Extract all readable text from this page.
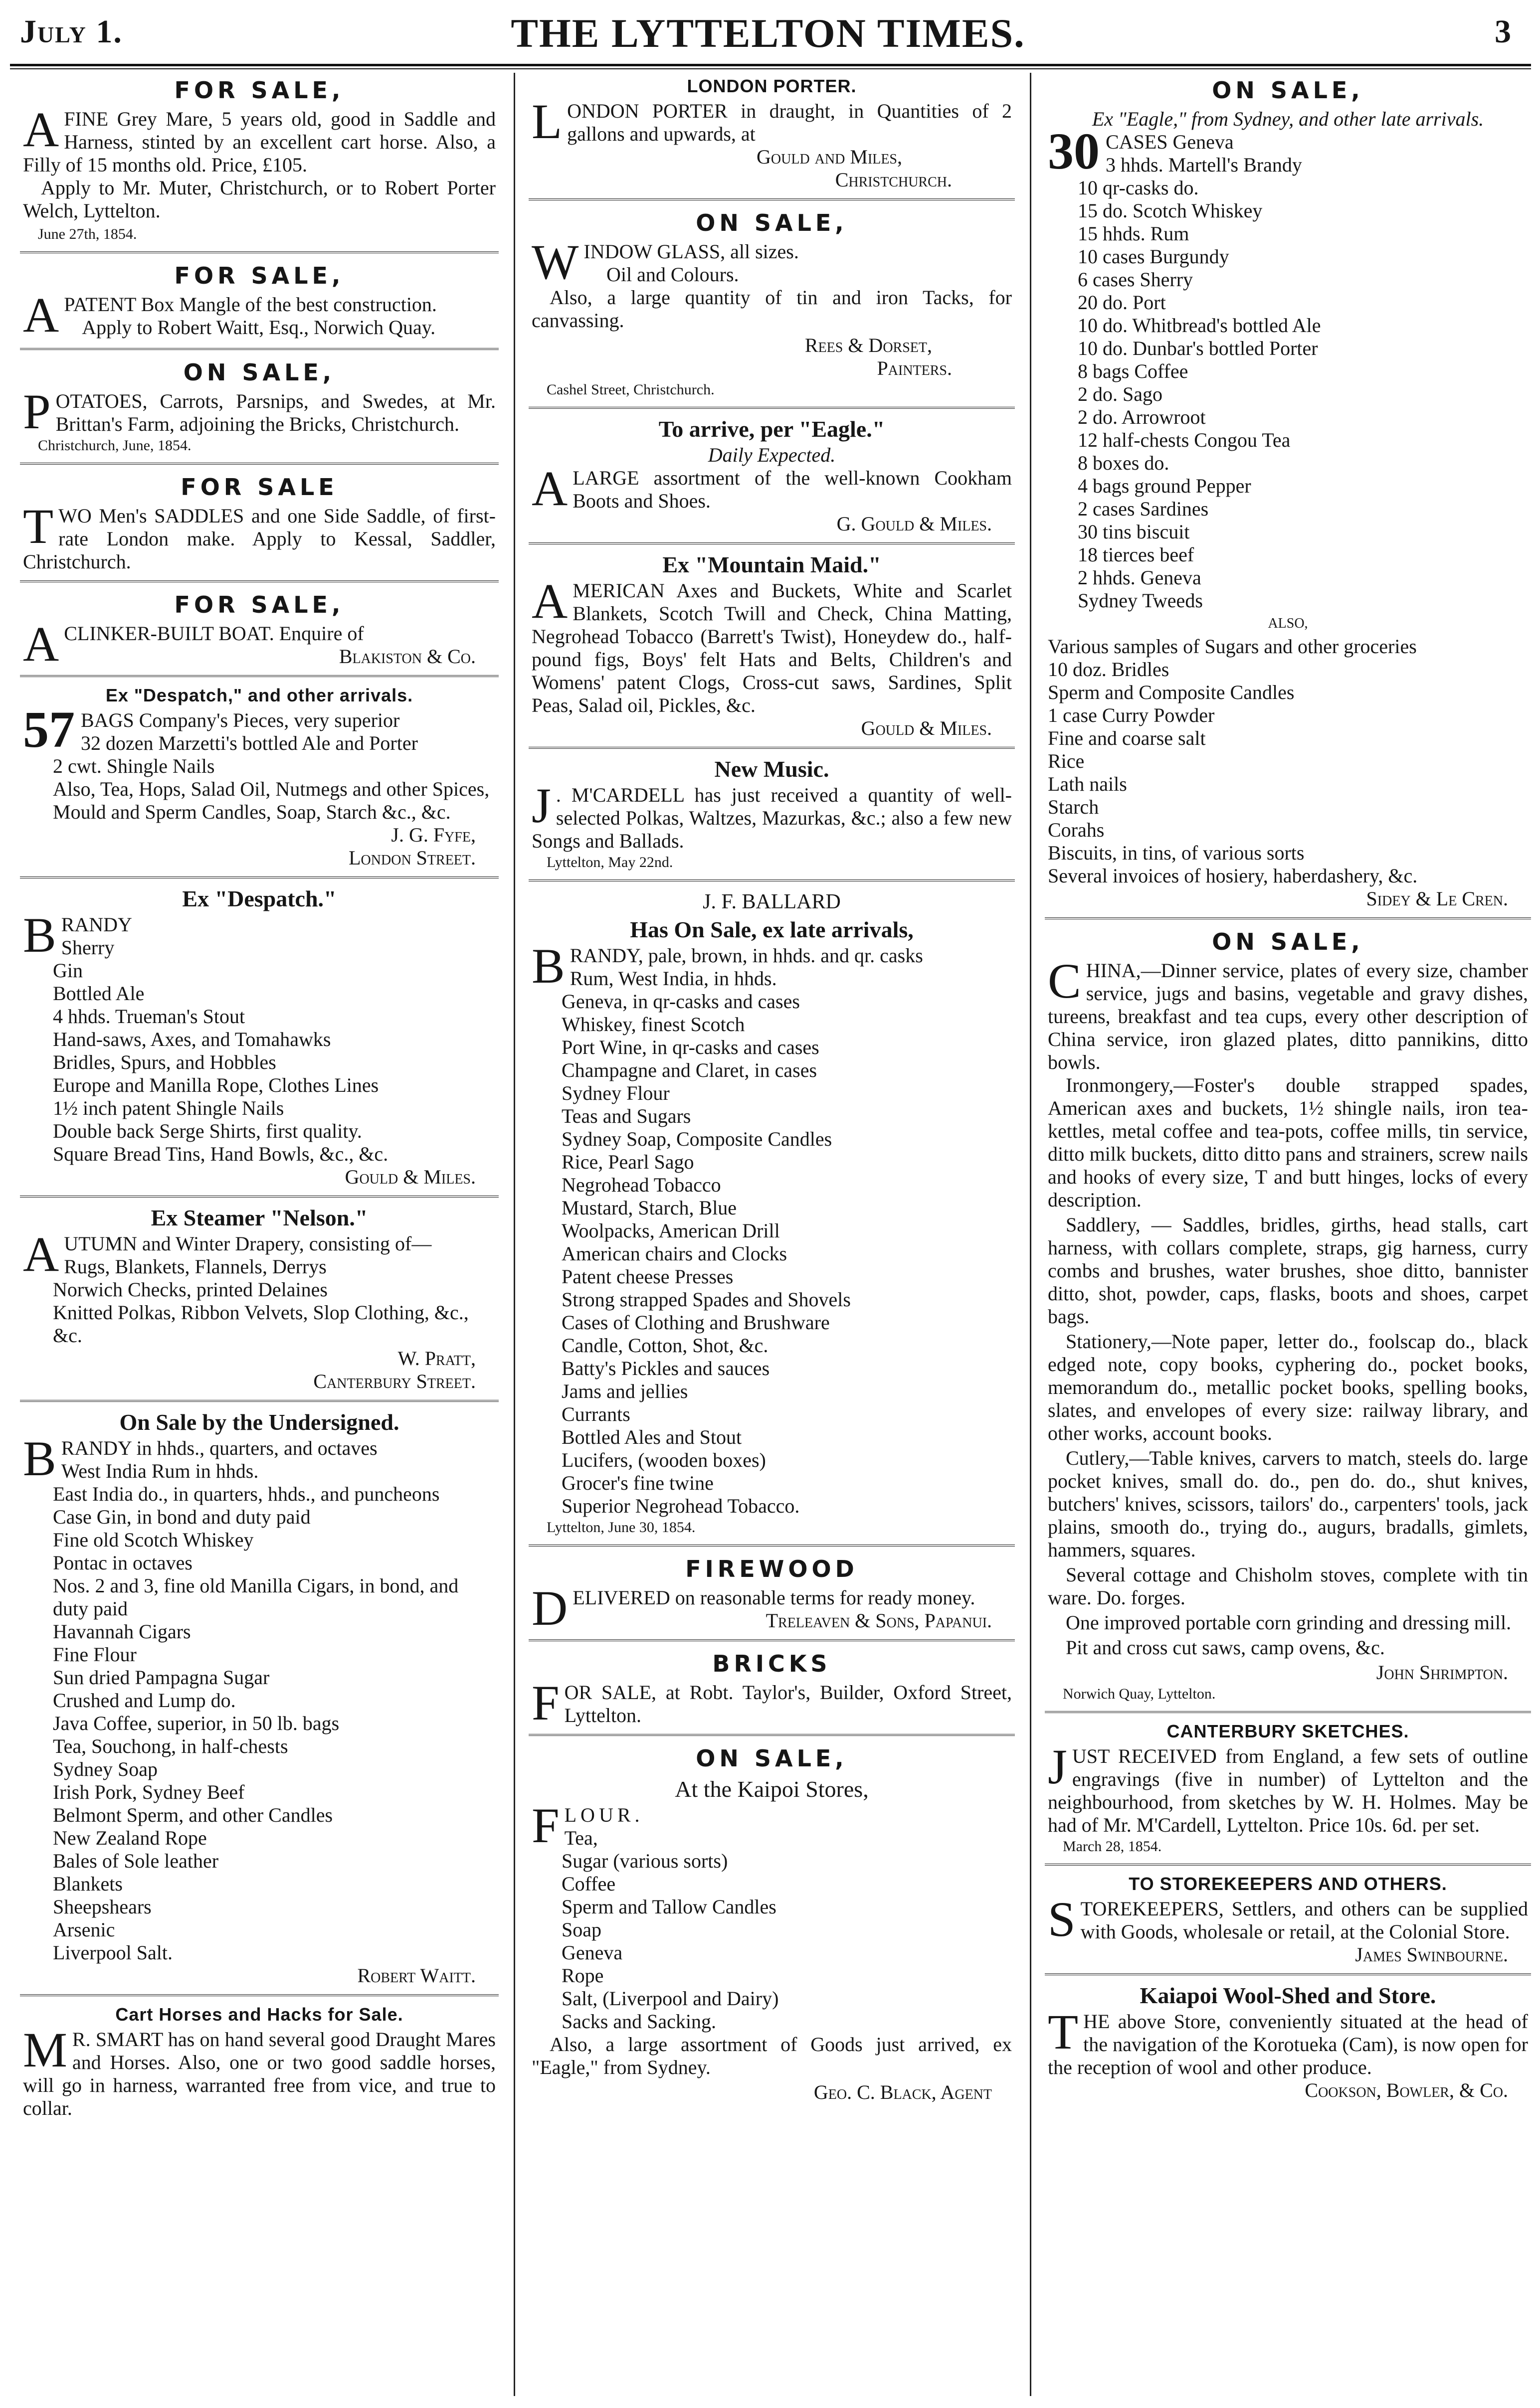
July 1.	THE LYTTELTON TIMES.	3
FOR SALE,

AFINE Grey Mare, 5 years old, good in Saddle and Harness, stinted by an excellent cart horse. Also, a Filly of 15 months old. Price, £105.

Apply to Mr. Muter, Christchurch, or to Robert Porter Welch, Lyttelton.

June 27th, 1854.
FOR SALE,

APATENT Box Mangle of the best construction.

Apply to Robert Waitt, Esq., Norwich Quay.

ON SALE,

POTATOES, Carrots, Parsnips, and Swedes, at Mr. Brittan's Farm, adjoining the Bricks, Christchurch.

Christchurch, June, 1854.
FOR SALE

TWO Men's SADDLES and one Side Saddle, of first-rate London make. Apply to Kessal, Saddler, Christchurch.

FOR SALE,

ACLINKER-BUILT BOAT. Enquire of

Blakiston & Co.
Ex "Despatch," and other arrivals.

57 BAGS Company's Pieces, very superior

32 dozen Marzetti's bottled Ale and Porter
2 cwt. Shingle Nails
Also, Tea, Hops, Salad Oil, Nutmegs and other Spices, Mould and Sperm Candles, Soap, Starch &c., &c.
J. G. Fyfe,
London Street.
Ex "Despatch."

BRANDY

Sherry
Gin
Bottled Ale
4 hhds. Trueman's Stout
Hand-saws, Axes, and Tomahawks
Bridles, Spurs, and Hobbles
Europe and Manilla Rope, Clothes Lines
1½ inch patent Shingle Nails
Double back Serge Shirts, first quality.
Square Bread Tins, Hand Bowls, &c., &c.
Gould & Miles.
Ex Steamer "Nelson."

AUTUMN and Winter Drapery, consisting of—

Rugs, Blankets, Flannels, Derrys
Norwich Checks, printed Delaines
Knitted Polkas, Ribbon Velvets, Slop Clothing, &c., &c.
W. Pratt,
Canterbury Street.
On Sale by the Undersigned.

BRANDY in hhds., quarters, and octaves

West India Rum in hhds.
East India do., in quarters, hhds., and puncheons
Case Gin, in bond and duty paid
Fine old Scotch Whiskey
Pontac in octaves
Nos. 2 and 3, fine old Manilla Cigars, in bond, and duty paid
Havannah Cigars
Fine Flour
Sun dried Pampagna Sugar
Crushed and Lump do.
Java Coffee, superior, in 50 lb. bags
Tea, Souchong, in half-chests
Sydney Soap
Irish Pork, Sydney Beef
Belmont Sperm, and other Candles
New Zealand Rope
Bales of Sole leather
Blankets
Sheepshears
Arsenic
Liverpool Salt.
Robert Waitt.
Cart Horses and Hacks for Sale.

M R. SMART has on hand several good Draught Mares and Horses. Also, one or two good saddle horses, will go in harness, warranted free from vice, and true to collar.

LONDON PORTER.

LONDON PORTER in draught, in Quantities of 2 gallons and upwards, at

Gould and Miles,
Christchurch.
ON SALE,

WINDOW GLASS, all sizes.

Oil and Colours.

Also, a large quantity of tin and iron Tacks, for canvassing.

Rees & Dorset,
Painters.
Cashel Street, Christchurch.
To arrive, per "Eagle."
Daily Expected.

ALARGE assortment of the well-known Cookham Boots and Shoes.

G. Gould & Miles.
Ex "Mountain Maid."

AMERICAN Axes and Buckets, White and Scarlet Blankets, Scotch Twill and Check, China Matting, Negrohead Tobacco (Barrett's Twist), Honeydew do., half-pound figs, Boys' felt Hats and Belts, Children's and Womens' patent Clogs, Cross-cut saws, Sardines, Split Peas, Salad oil, Pickles, &c.

Gould & Miles.
New Music.

J . M'CARDELL has just received a quantity of well-selected Polkas, Waltzes, Mazurkas, &c.; also a few new Songs and Ballads.

Lyttelton, May 22nd.
J. F. BALLARD
Has On Sale, ex late arrivals,

BRANDY, pale, brown, in hhds. and qr. casks

Rum, West India, in hhds.
Geneva, in qr-casks and cases
Whiskey, finest Scotch
Port Wine, in qr-casks and cases
Champagne and Claret, in cases
Sydney Flour
Teas and Sugars
Sydney Soap, Composite Candles
Rice, Pearl Sago
Negrohead Tobacco
Mustard, Starch, Blue
Woolpacks, American Drill
American chairs and Clocks
Patent cheese Presses
Strong strapped Spades and Shovels
Cases of Clothing and Brushware
Candle, Cotton, Shot, &c.
Batty's Pickles and sauces
Jams and jellies
Currants
Bottled Ales and Stout
Lucifers, (wooden boxes)
Grocer's fine twine
Superior Negrohead Tobacco.
Lyttelton, June 30, 1854.
FIREWOOD

DELIVERED on reasonable terms for ready money.

Treleaven & Sons, Papanui.
BRICKS

FOR SALE, at Robt. Taylor's, Builder, Oxford Street, Lyttelton.

ON SALE,
At the Kaipoi Stores,

FLOUR.

Tea,
Sugar (various sorts)
Coffee
Sperm and Tallow Candles
Soap
Geneva
Rope
Salt, (Liverpool and Dairy)
Sacks and Sacking.

Also, a large assortment of Goods just arrived, ex "Eagle," from Sydney.

Geo. C. Black, Agent
ON SALE,
Ex "Eagle," from Sydney, and other late arrivals.

30 CASES Geneva

3 hhds. Martell's Brandy
10 qr-casks do.
15 do. Scotch Whiskey
15 hhds. Rum
10 cases Burgundy
6 cases Sherry
20 do. Port
10 do. Whitbread's bottled Ale
10 do. Dunbar's bottled Porter
8 bags Coffee
2 do. Sago
2 do. Arrowroot
12 half-chests Congou Tea
8 boxes do.
4 bags ground Pepper
2 cases Sardines
30 tins biscuit
18 tierces beef
2 hhds. Geneva
Sydney Tweeds
ALSO,
Various samples of Sugars and other groceries
10 doz. Bridles
Sperm and Composite Candles
1 case Curry Powder
Fine and coarse salt
Rice
Lath nails
Starch
Corahs
Biscuits, in tins, of various sorts
Several invoices of hosiery, haberdashery, &c.
Sidey & Le Cren.
ON SALE,

CHINA,—Dinner service, plates of every size, chamber service, jugs and basins, vegetable and gravy dishes, tureens, breakfast and tea cups, every other description of China service, iron glazed plates, ditto pannikins, ditto bowls.

Ironmongery,—Foster's double strapped spades, American axes and buckets, 1½ shingle nails, iron tea-kettles, metal coffee and tea-pots, coffee mills, tin service, ditto milk buckets, ditto ditto pans and strainers, screw nails and hooks of every size, T and butt hinges, locks of every description.

Saddlery, — Saddles, bridles, girths, head stalls, cart harness, with collars complete, straps, gig harness, curry combs and brushes, water brushes, shoe ditto, bannister ditto, shot, powder, caps, flasks, boots and shoes, carpet bags.

Stationery,—Note paper, letter do., foolscap do., black edged note, copy books, cyphering do., pocket books, memorandum do., metallic pocket books, spelling books, slates, and envelopes of every size: railway library, and other works, account books.

Cutlery,—Table knives, carvers to match, steels do. large pocket knives, small do. do., pen do. do., shut knives, butchers' knives, scissors, tailors' do., carpenters' tools, jack plains, smooth do., trying do., augurs, bradalls, gimlets, hammers, squares.

Several cottage and Chisholm stoves, complete with tin ware. Do. forges.

One improved portable corn grinding and dressing mill.

Pit and cross cut saws, camp ovens, &c.

John Shrimpton.
Norwich Quay, Lyttelton.
CANTERBURY SKETCHES.

JUST RECEIVED from England, a few sets of outline engravings (five in number) of Lyttelton and the neighbourhood, from sketches by W. H. Holmes. May be had of Mr. M'Cardell, Lyttelton. Price 10s. 6d. per set.

March 28, 1854.
TO STOREKEEPERS AND OTHERS.

STOREKEEPERS, Settlers, and others can be supplied with Goods, wholesale or retail, at the Colonial Store.

James Swinbourne.
Kaiapoi Wool-Shed and Store.

THE above Store, conveniently situated at the head of the navigation of the Korotueka (Cam), is now open for the reception of wool and other produce.

Cookson, Bowler, & Co.
